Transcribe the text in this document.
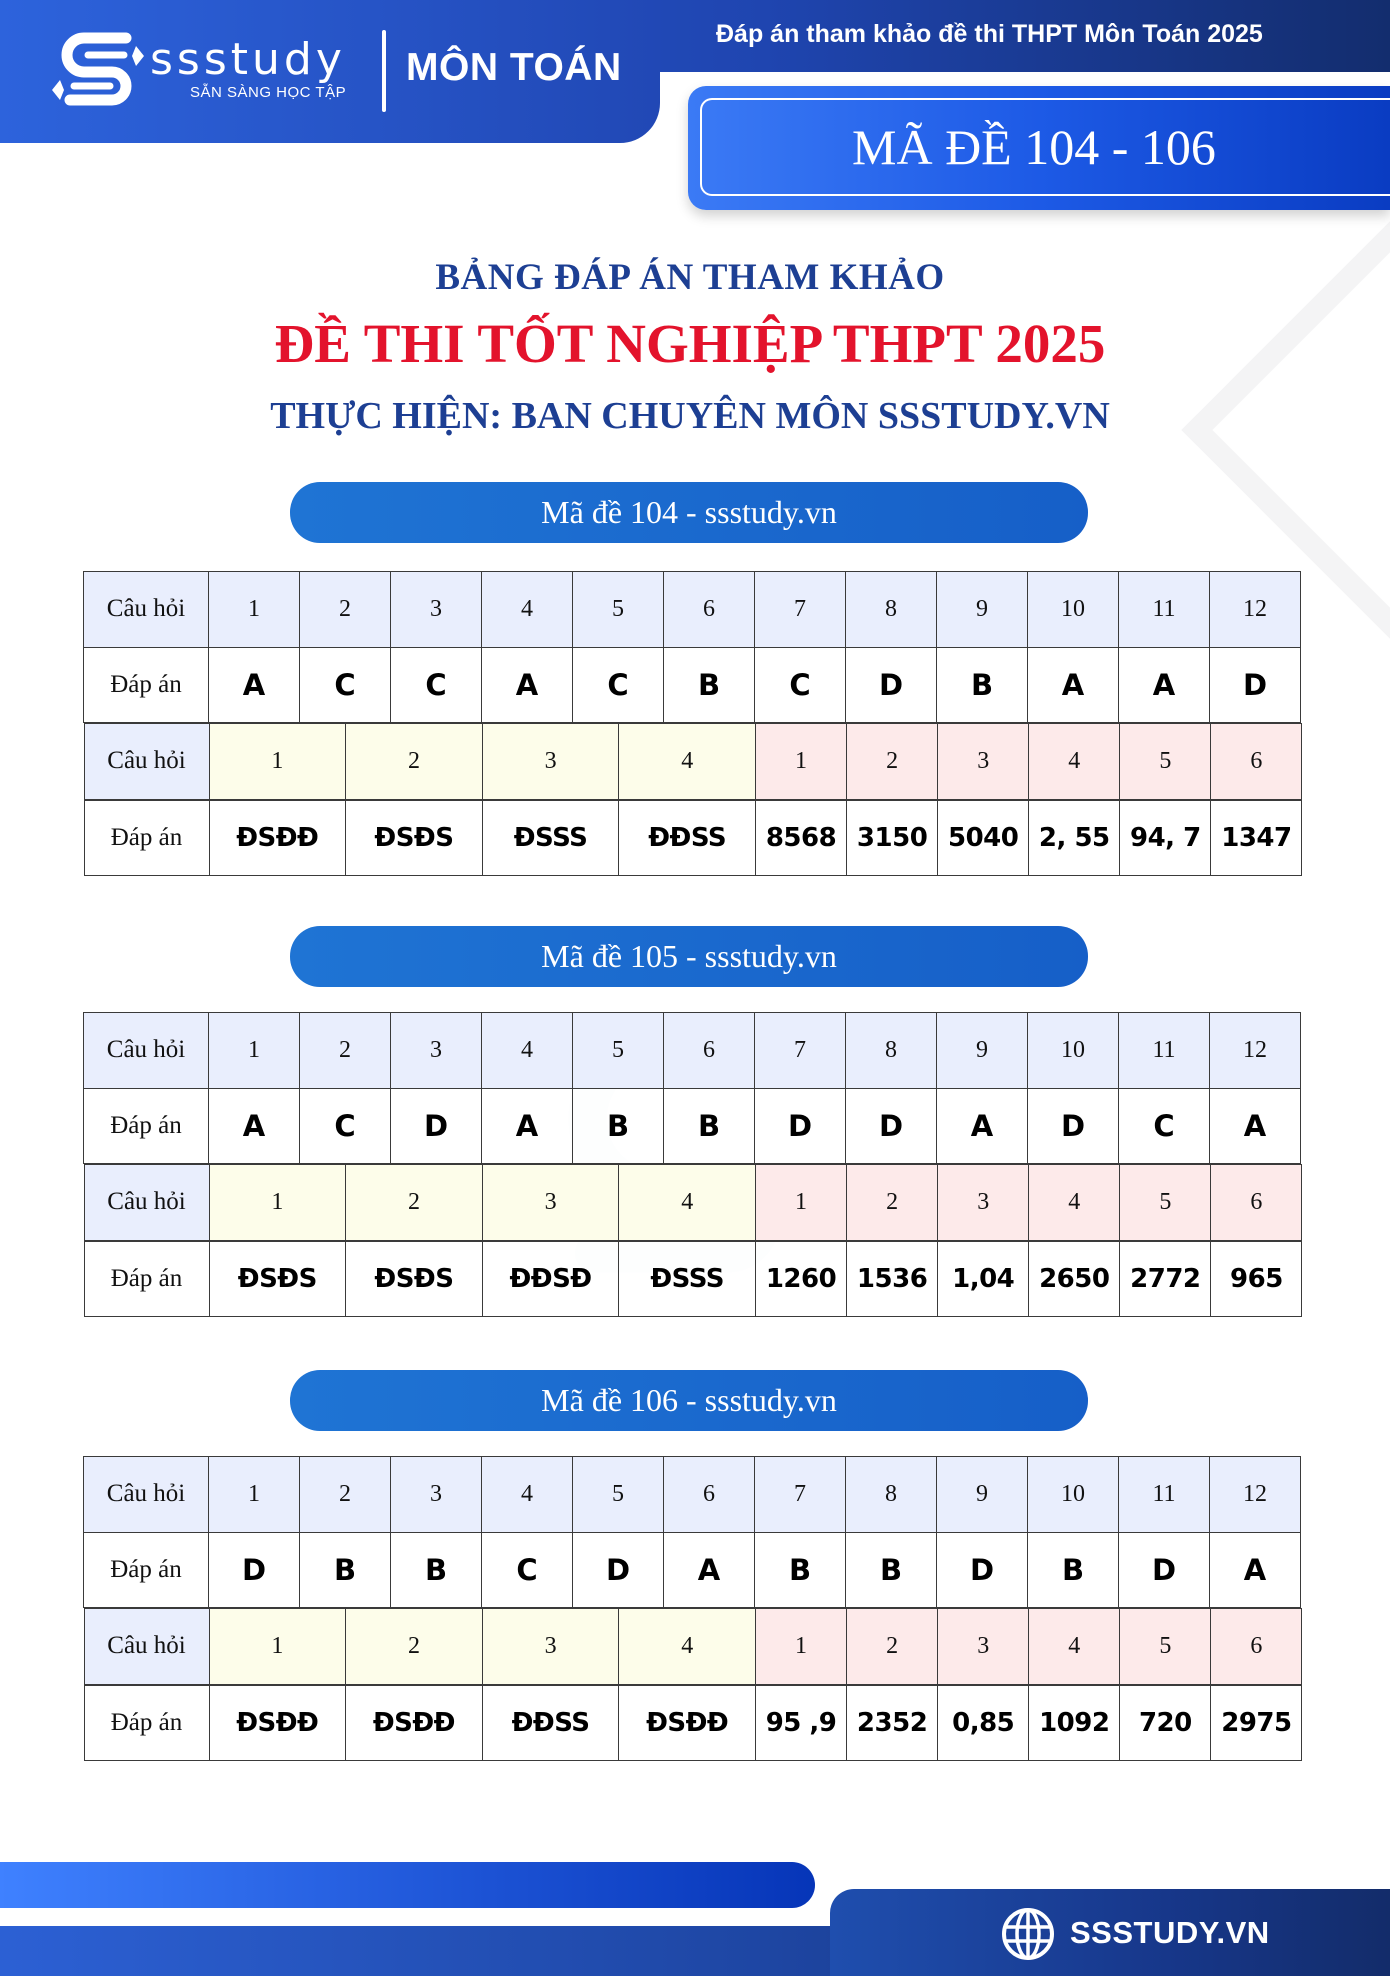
ssstudy
SẴN SÀNG HỌC TẬP
MÔN TOÁN
Đáp án tham khảo đề thi THPT Môn Toán 2025
MÃ ĐỀ 104 - 106
BẢNG ĐÁP ÁN THAM KHẢO
ĐỀ THI TỐT NGHIỆP THPT 2025
THỰC HIỆN: BAN CHUYÊN MÔN SSSTUDY.VN
Mã đề 104 - ssstudy.vn
Câu hỏi	1	2	3	4	5	6	7	8	9	10	11	12
Đáp án	A	C	C	A	C	B	C	D	B	A	A	D

Câu hỏi	1	2	3	4	1	2	3	4	5	6

Đáp án	ĐSĐĐ	ĐSĐS	ĐSSS	ĐĐSS	8568	3150	5040	2, 55	94, 7	1347
Mã đề 105 - ssstudy.vn
Câu hỏi	1	2	3	4	5	6	7	8	9	10	11	12
Đáp án	A	C	D	A	B	B	D	D	A	D	C	A

Câu hỏi	1	2	3	4	1	2	3	4	5	6

Đáp án	ĐSĐS	ĐSĐS	ĐĐSĐ	ĐSSS	1260	1536	1,04	2650	2772	965
Mã đề 106 - ssstudy.vn
Câu hỏi	1	2	3	4	5	6	7	8	9	10	11	12
Đáp án	D	B	B	C	D	A	B	B	D	B	D	A

Câu hỏi	1	2	3	4	1	2	3	4	5	6

Đáp án	ĐSĐĐ	ĐSĐĐ	ĐĐSS	ĐSĐĐ	95 ,9	2352	0,85	1092	720	2975
SSSTUDY.VN
